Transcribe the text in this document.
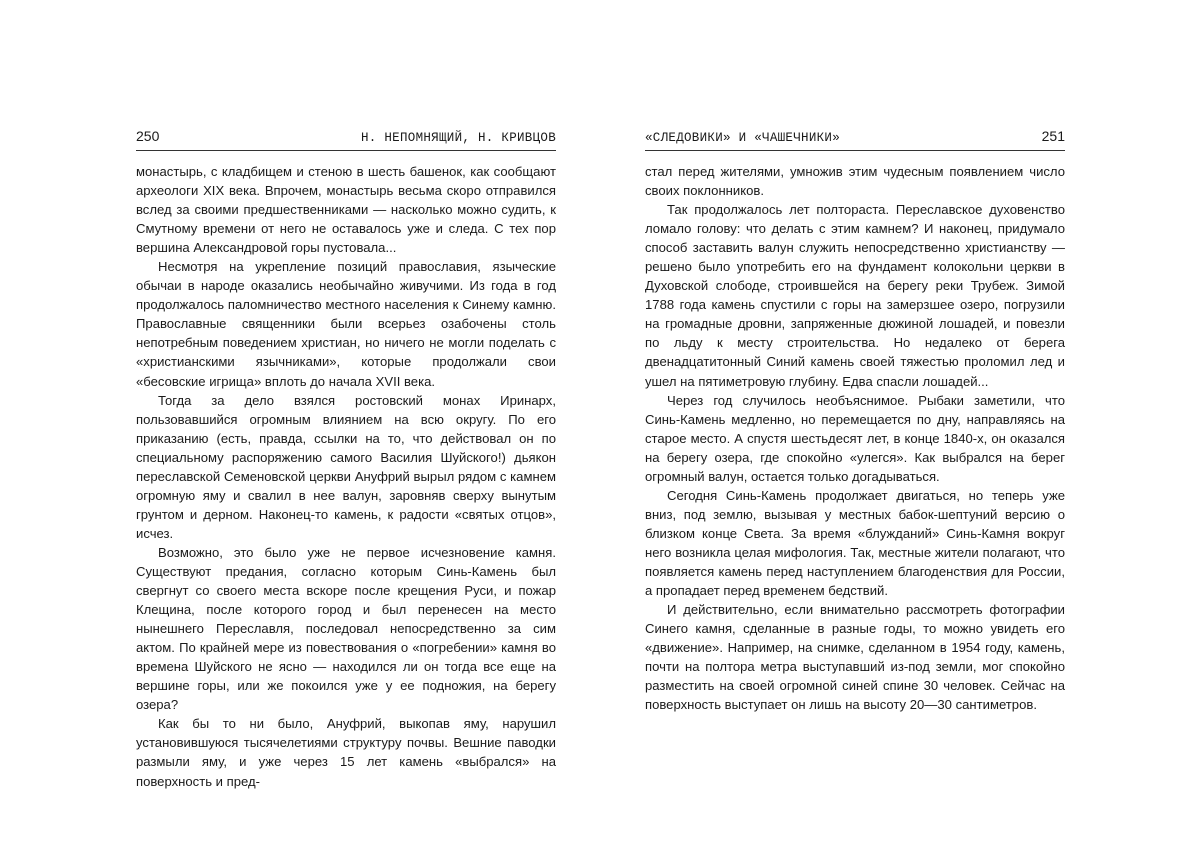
250	Н. НЕПОМНЯЩИЙ, Н. КРИВЦОВ

монастырь, с кладбищем и стеною в шесть башенок, как сообщают археологи XIX века. Впрочем, монастырь весьма скоро отправился вслед за своими предшественниками — насколько можно судить, к Смутному времени от него не оставалось уже и следа. С тех пор вершина Александровой горы пустовала...

Несмотря на укрепление позиций православия, языческие обычаи в народе оказались необычайно живучими. Из года в год продолжалось паломничество местного населения к Синему камню. Православные священники были всерьез озабочены столь непотребным поведением христиан, но ничего не могли поделать с «христианскими язычниками», которые продолжали свои «бесовские игрища» вплоть до начала XVII века.

Тогда за дело взялся ростовский монах Иринарх, пользовавшийся огромным влиянием на всю округу. По его приказанию (есть, правда, ссылки на то, что действовал он по специальному распоряжению самого Василия Шуйского!) дьякон переславской Семеновской церкви Ануфрий вырыл рядом с камнем огромную яму и свалил в нее валун, заровняв сверху вынутым грунтом и дерном. Наконец-то камень, к радости «святых отцов», исчез.

Возможно, это было уже не первое исчезновение камня. Существуют предания, согласно которым Синь-Камень был свергнут со своего места вскоре после крещения Руси, и пожар Клещина, после которого город и был перенесен на место нынешнего Переславля, последовал непосредственно за сим актом. По крайней мере из повествования о «погребении» камня во времена Шуйского не ясно — находился ли он тогда все еще на вершине горы, или же покоился уже у ее подножия, на берегу озера?

Как бы то ни было, Ануфрий, выкопав яму, нарушил установившуюся тысячелетиями структуру почвы. Вешние паводки размыли яму, и уже через 15 лет камень «выбрался» на поверхность и пред-

«СЛЕДОВИКИ» И «ЧАШЕЧНИКИ»	251

стал перед жителями, умножив этим чудесным появлением число своих поклонников.

Так продолжалось лет полтораста. Переславское духовенство ломало голову: что делать с этим камнем? И наконец, придумало способ заставить валун служить непосредственно христианству — решено было употребить его на фундамент колокольни церкви в Духовской слободе, строившейся на берегу реки Трубеж. Зимой 1788 года камень спустили с горы на замерзшее озеро, погрузили на громадные дровни, запряженные дюжиной лошадей, и повезли по льду к месту строительства. Но недалеко от берега двенадцатитонный Синий камень своей тяжестью проломил лед и ушел на пятиметровую глубину. Едва спасли лошадей...

Через год случилось необъяснимое. Рыбаки заметили, что Синь-Камень медленно, но перемещается по дну, направляясь на старое место. А спустя шестьдесят лет, в конце 1840-х, он оказался на берегу озера, где спокойно «улегся». Как выбрался на берег огромный валун, остается только догадываться.

Сегодня Синь-Камень продолжает двигаться, но теперь уже вниз, под землю, вызывая у местных бабок-шептуний версию о близком конце Света. За время «блужданий» Синь-Камня вокруг него возникла целая мифология. Так, местные жители полагают, что появляется камень перед наступлением благоденствия для России, а пропадает перед временем бедствий.

И действительно, если внимательно рассмотреть фотографии Синего камня, сделанные в разные годы, то можно увидеть его «движение». Например, на снимке, сделанном в 1954 году, камень, почти на полтора метра выступавший из-под земли, мог спокойно разместить на своей огромной синей спине 30 человек. Сейчас на поверхность выступает он лишь на высоту 20—30 сантиметров.
